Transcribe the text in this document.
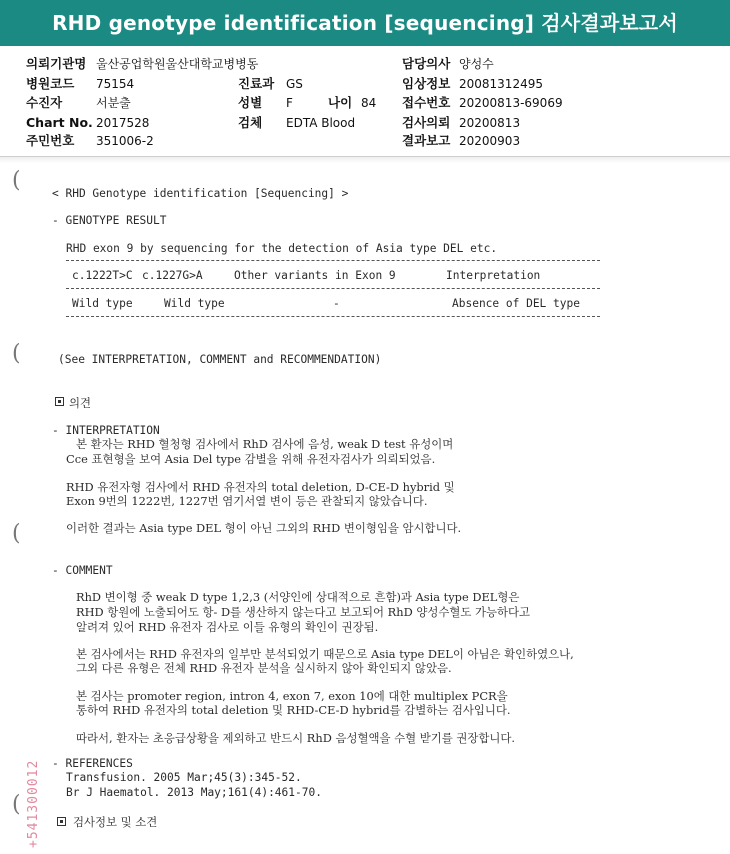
RHD genotype identification [sequencing] 검사결과보고서
의뢰기관명 울산공업학원울산대학교병병동	담당의사 양성수
병원코드 75154	진료과 GS	임상정보 20081312495
수진자	서분출	성별 F	나이 84 접수번호 20200813-69069
Chart No. 2017528	검체 EDTA Blood	검사의뢰 20200813
주민번호 351006-2	결과보고 20200903
(
(
(
(
< RHD Genotype identification [Sequencing] >
- GENOTYPE RESULT
RHD exon 9 by sequencing for the detection of Asia type DEL etc.
c.1222T>C c.1227G>A	Other variants in Exon 9	Interpretation
Wild type	Wild type	-	Absence of DEL type
(See INTERPRETATION, COMMENT and RECOMMENDATION)
의견
- INTERPRETATION
본 환자는 RHD 혈청형 검사에서 RhD 검사에 음성, weak D test 유성이며
Cce 표현형을 보여 Asia Del type 감별을 위해 유전자검사가 의뢰되었음.
RHD 유전자형 검사에서 RHD 유전자의 total deletion, D-CE-D hybrid 및
Exon 9번의 1222번, 1227번 염기서열 변이 등은 관찰되지 않았습니다.
이러한 결과는 Asia type DEL 형이 아닌 그외의 RHD 변이형임을 암시합니다.
- COMMENT
RhD 변이형 중 weak D type 1,2,3 (서양인에 상대적으로 흔함)과 Asia type DEL형은
RHD 항원에 노출되어도 항- D를 생산하지 않는다고 보고되어 RhD 양성수혈도 가능하다고
알려져 있어 RHD 유전자 검사로 이들 유형의 확인이 권장됨.
본 검사에서는 RHD 유전자의 일부만 분석되었기 때문으로 Asia type DEL이 아님은 확인하였으나,
그외 다른 유형은 전체 RHD 유전자 분석을 실시하지 않아 확인되지 않았음.
본 검사는 promoter region, intron 4, exon 7, exon 10에 대한 multiplex PCR을
통하여 RHD 유전자의 total deletion 및 RHD-CE-D hybrid를 감별하는 검사입니다.
따라서, 환자는 초응급상황을 제외하고 반드시 RhD 음성혈액을 수혈 받기를 권장합니다.
- REFERENCES
Transfusion. 2005 Mar;45(3):345-52.
Br J Haematol. 2013 May;161(4):461-70.
검사정보 및 소견
+541300012
